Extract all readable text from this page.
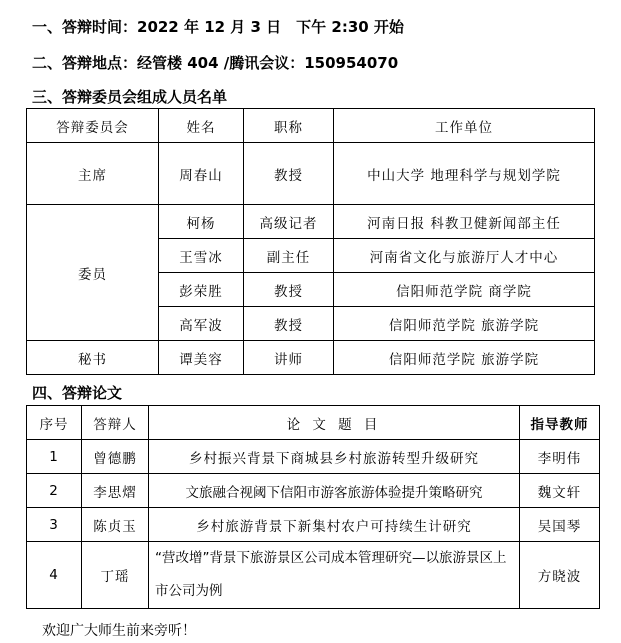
一、答辩时间：2022 年 12 月 3 日　下午 2:30 开始
二、答辩地点：经管楼 404 /腾讯会议：150954070
三、答辩委员会组成人员名单
答辩委员会	姓名	职称	工作单位
主席	周春山	教授	中山大学 地理科学与规划学院
委员	柯杨	高级记者	河南日报 科教卫健新闻部主任
	王雪冰	副主任	河南省文化与旅游厅人才中心
	彭荣胜	教授	信阳师范学院 商学院
	高军波	教授	信阳师范学院 旅游学院
秘书	谭美容	讲师	信阳师范学院 旅游学院
四、答辩论文
序号	答辩人	论 文 题 目	指导教师
1	曾德鹏	乡村振兴背景下商城县乡村旅游转型升级研究	李明伟
2	李思熠	文旅融合视阈下信阳市游客旅游体验提升策略研究	魏文轩
3	陈贞玉	乡村旅游背景下新集村农户可持续生计研究	吴国琴
4	丁瑶	“营改增”背景下旅游景区公司成本管理研究—以旅游景区上市公司为例	方晓波
欢迎广大师生前来旁听！
